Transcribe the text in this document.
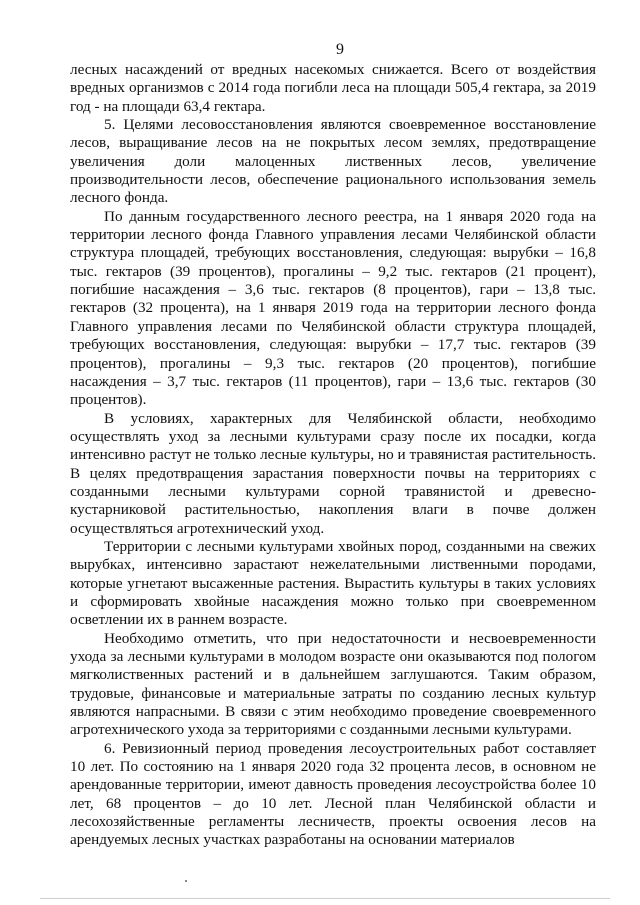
9

лесных насаждений от вредных насекомых снижается. Всего от воздействия вредных организмов с 2014 года погибли леса на площади 505,4 гектара, за 2019 год - на площади 63,4 гектара.

5. Целями лесовосстановления являются своевременное восстановление лесов, выращивание лесов на не покрытых лесом землях, предотвращение увеличения доли малоценных лиственных лесов, увеличение производительности лесов, обеспечение рационального использования земель лесного фонда.

По данным государственного лесного реестра, на 1 января 2020 года на территории лесного фонда Главного управления лесами Челябинской области структура площадей, требующих восстановления, следующая: вырубки – 16,8 тыс. гектаров (39 процентов), прогалины – 9,2 тыс. гектаров (21 процент), погибшие насаждения – 3,6 тыс. гектаров (8 процентов), гари – 13,8 тыс. гектаров (32 процента), на 1 января 2019 года на территории лесного фонда Главного управления лесами по Челябинской области структура площадей, требующих восстановления, следующая: вырубки – 17,7 тыс. гектаров (39 процентов), прогалины – 9,3 тыс. гектаров (20 процентов), погибшие насаждения – 3,7 тыс. гектаров (11 процентов), гари – 13,6 тыс. гектаров (30 процентов).

В условиях, характерных для Челябинской области, необходимо осуществлять уход за лесными культурами сразу после их посадки, когда интенсивно растут не только лесные культуры, но и травянистая растительность. В целях предотвращения зарастания поверхности почвы на территориях с созданными лесными культурами сорной травянистой и древесно-кустарниковой растительностью, накопления влаги в почве должен осуществляться агротехнический уход.

Территории с лесными культурами хвойных пород, созданными на свежих вырубках, интенсивно зарастают нежелательными лиственными породами, которые угнетают высаженные растения. Вырастить культуры в таких условиях и сформировать хвойные насаждения можно только при своевременном осветлении их в раннем возрасте.

Необходимо отметить, что при недостаточности и несвоевременности ухода за лесными культурами в молодом возрасте они оказываются под пологом мягколиственных растений и в дальнейшем заглушаются. Таким образом, трудовые, финансовые и материальные затраты по созданию лесных культур являются напрасными. В связи с этим необходимо проведение своевременного агротехнического ухода за территориями с созданными лесными культурами.

6. Ревизионный период проведения лесоустроительных работ составляет 10 лет. По состоянию на 1 января 2020 года 32 процента лесов, в основном не арендованные территории, имеют давность проведения лесоустройства более 10 лет, 68 процентов – до 10 лет. Лесной план Челябинской области и лесохозяйственные регламенты лесничеств, проекты освоения лесов на арендуемых лесных участках разработаны на основании материалов
